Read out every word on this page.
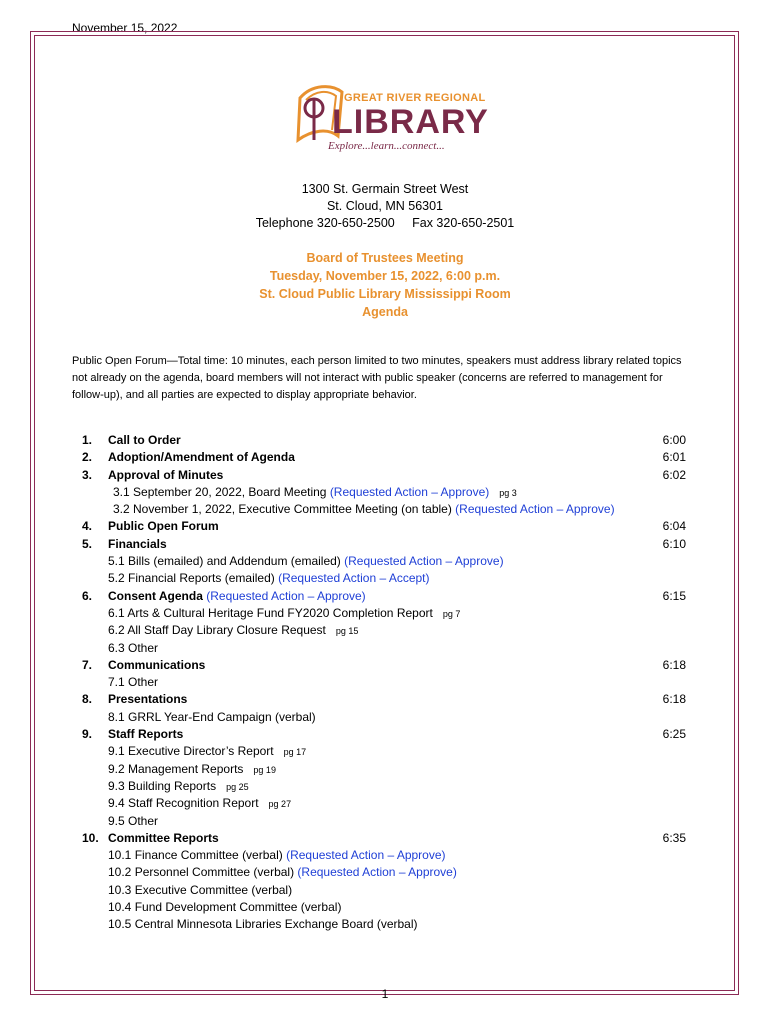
November 15, 2022
GREAT RIVER REGIONAL
LIBRARY
Explore...learn...connect...
1300 St. Germain Street West
St. Cloud, MN 56301
Telephone 320-650-2500     Fax 320-650-2501
Board of Trustees Meeting
Tuesday, November 15, 2022, 6:00 p.m.
St. Cloud Public Library Mississippi Room
Agenda
Public Open Forum—Total time: 10 minutes, each person limited to two minutes, speakers must address library related topics not already on the agenda, board members will not interact with public speaker (concerns are referred to management for follow-up), and all parties are expected to display appropriate behavior.
1.	Call to Order	6:00
2.	Adoption/Amendment of Agenda	6:01
3.	Approval of Minutes	6:02
3.1 September 20, 2022, Board Meeting (Requested Action – Approve) pg 3
3.2 November 1, 2022, Executive Committee Meeting (on table) (Requested Action – Approve)
4.	Public Open Forum	6:04
5.	Financials	6:10
5.1 Bills (emailed) and Addendum (emailed) (Requested Action – Approve)
5.2 Financial Reports (emailed) (Requested Action – Accept)
6.	Consent Agenda (Requested Action – Approve)	6:15
6.1 Arts & Cultural Heritage Fund FY2020 Completion Report pg 7
6.2 All Staff Day Library Closure Request pg 15
6.3 Other
7.	Communications	6:18
7.1 Other
8.	Presentations	6:18
8.1 GRRL Year-End Campaign (verbal)
9.	Staff Reports	6:25
9.1 Executive Director’s Report pg 17
9.2 Management Reports pg 19
9.3 Building Reports pg 25
9.4 Staff Recognition Report pg 27
9.5 Other
10. Committee Reports	6:35
10.1 Finance Committee (verbal) (Requested Action – Approve)
10.2 Personnel Committee (verbal) (Requested Action – Approve)
10.3 Executive Committee (verbal)
10.4 Fund Development Committee (verbal)
10.5 Central Minnesota Libraries Exchange Board (verbal)
1
